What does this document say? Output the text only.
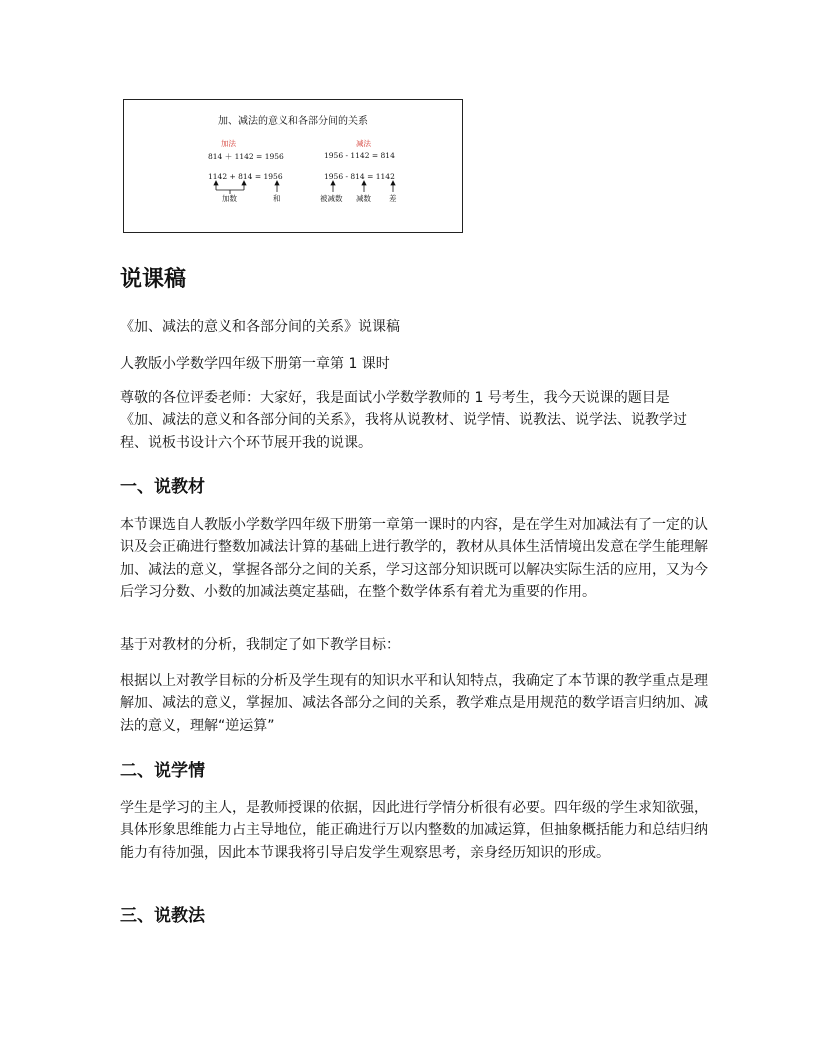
加、减法的意义和各部分间的关系
加法	减法
814 ＋ 1142 = 1956	1956 - 1142 = 814
1142 + 814 = 1956	1956 - 814 = 1142
加数	和	被减数 减数 差
说课稿

《加、减法的意义和各部分间的关系》说课稿

人教版小学数学四年级下册第一章第 1 课时

尊敬的各位评委老师：大家好，我是面试小学数学教师的 1 号考生，我今天说课的题目是《加、减法的意义和各部分间的关系》，我将从说教材、说学情、说教法、说学法、说教学过程、说板书设计六个环节展开我的说课。

一、说教材

本节课选自人教版小学数学四年级下册第一章第一课时的内容，是在学生对加减法有了一定的认识及会正确进行整数加减法计算的基础上进行教学的，教材从具体生活情境出发意在学生能理解加、减法的意义，掌握各部分之间的关系，学习这部分知识既可以解决实际生活的应用，又为今后学习分数、小数的加减法奠定基础，在整个数学体系有着尤为重要的作用。

基于对教材的分析，我制定了如下教学目标：

根据以上对教学目标的分析及学生现有的知识水平和认知特点，我确定了本节课的教学重点是理解加、减法的意义，掌握加、减法各部分之间的关系，教学难点是用规范的数学语言归纳加、减法的意义，理解“逆运算”

二、说学情

学生是学习的主人，是教师授课的依据，因此进行学情分析很有必要。四年级的学生求知欲强，具体形象思维能力占主导地位，能正确进行万以内整数的加减运算，但抽象概括能力和总结归纳能力有待加强，因此本节课我将引导启发学生观察思考，亲身经历知识的形成。

三、说教法
